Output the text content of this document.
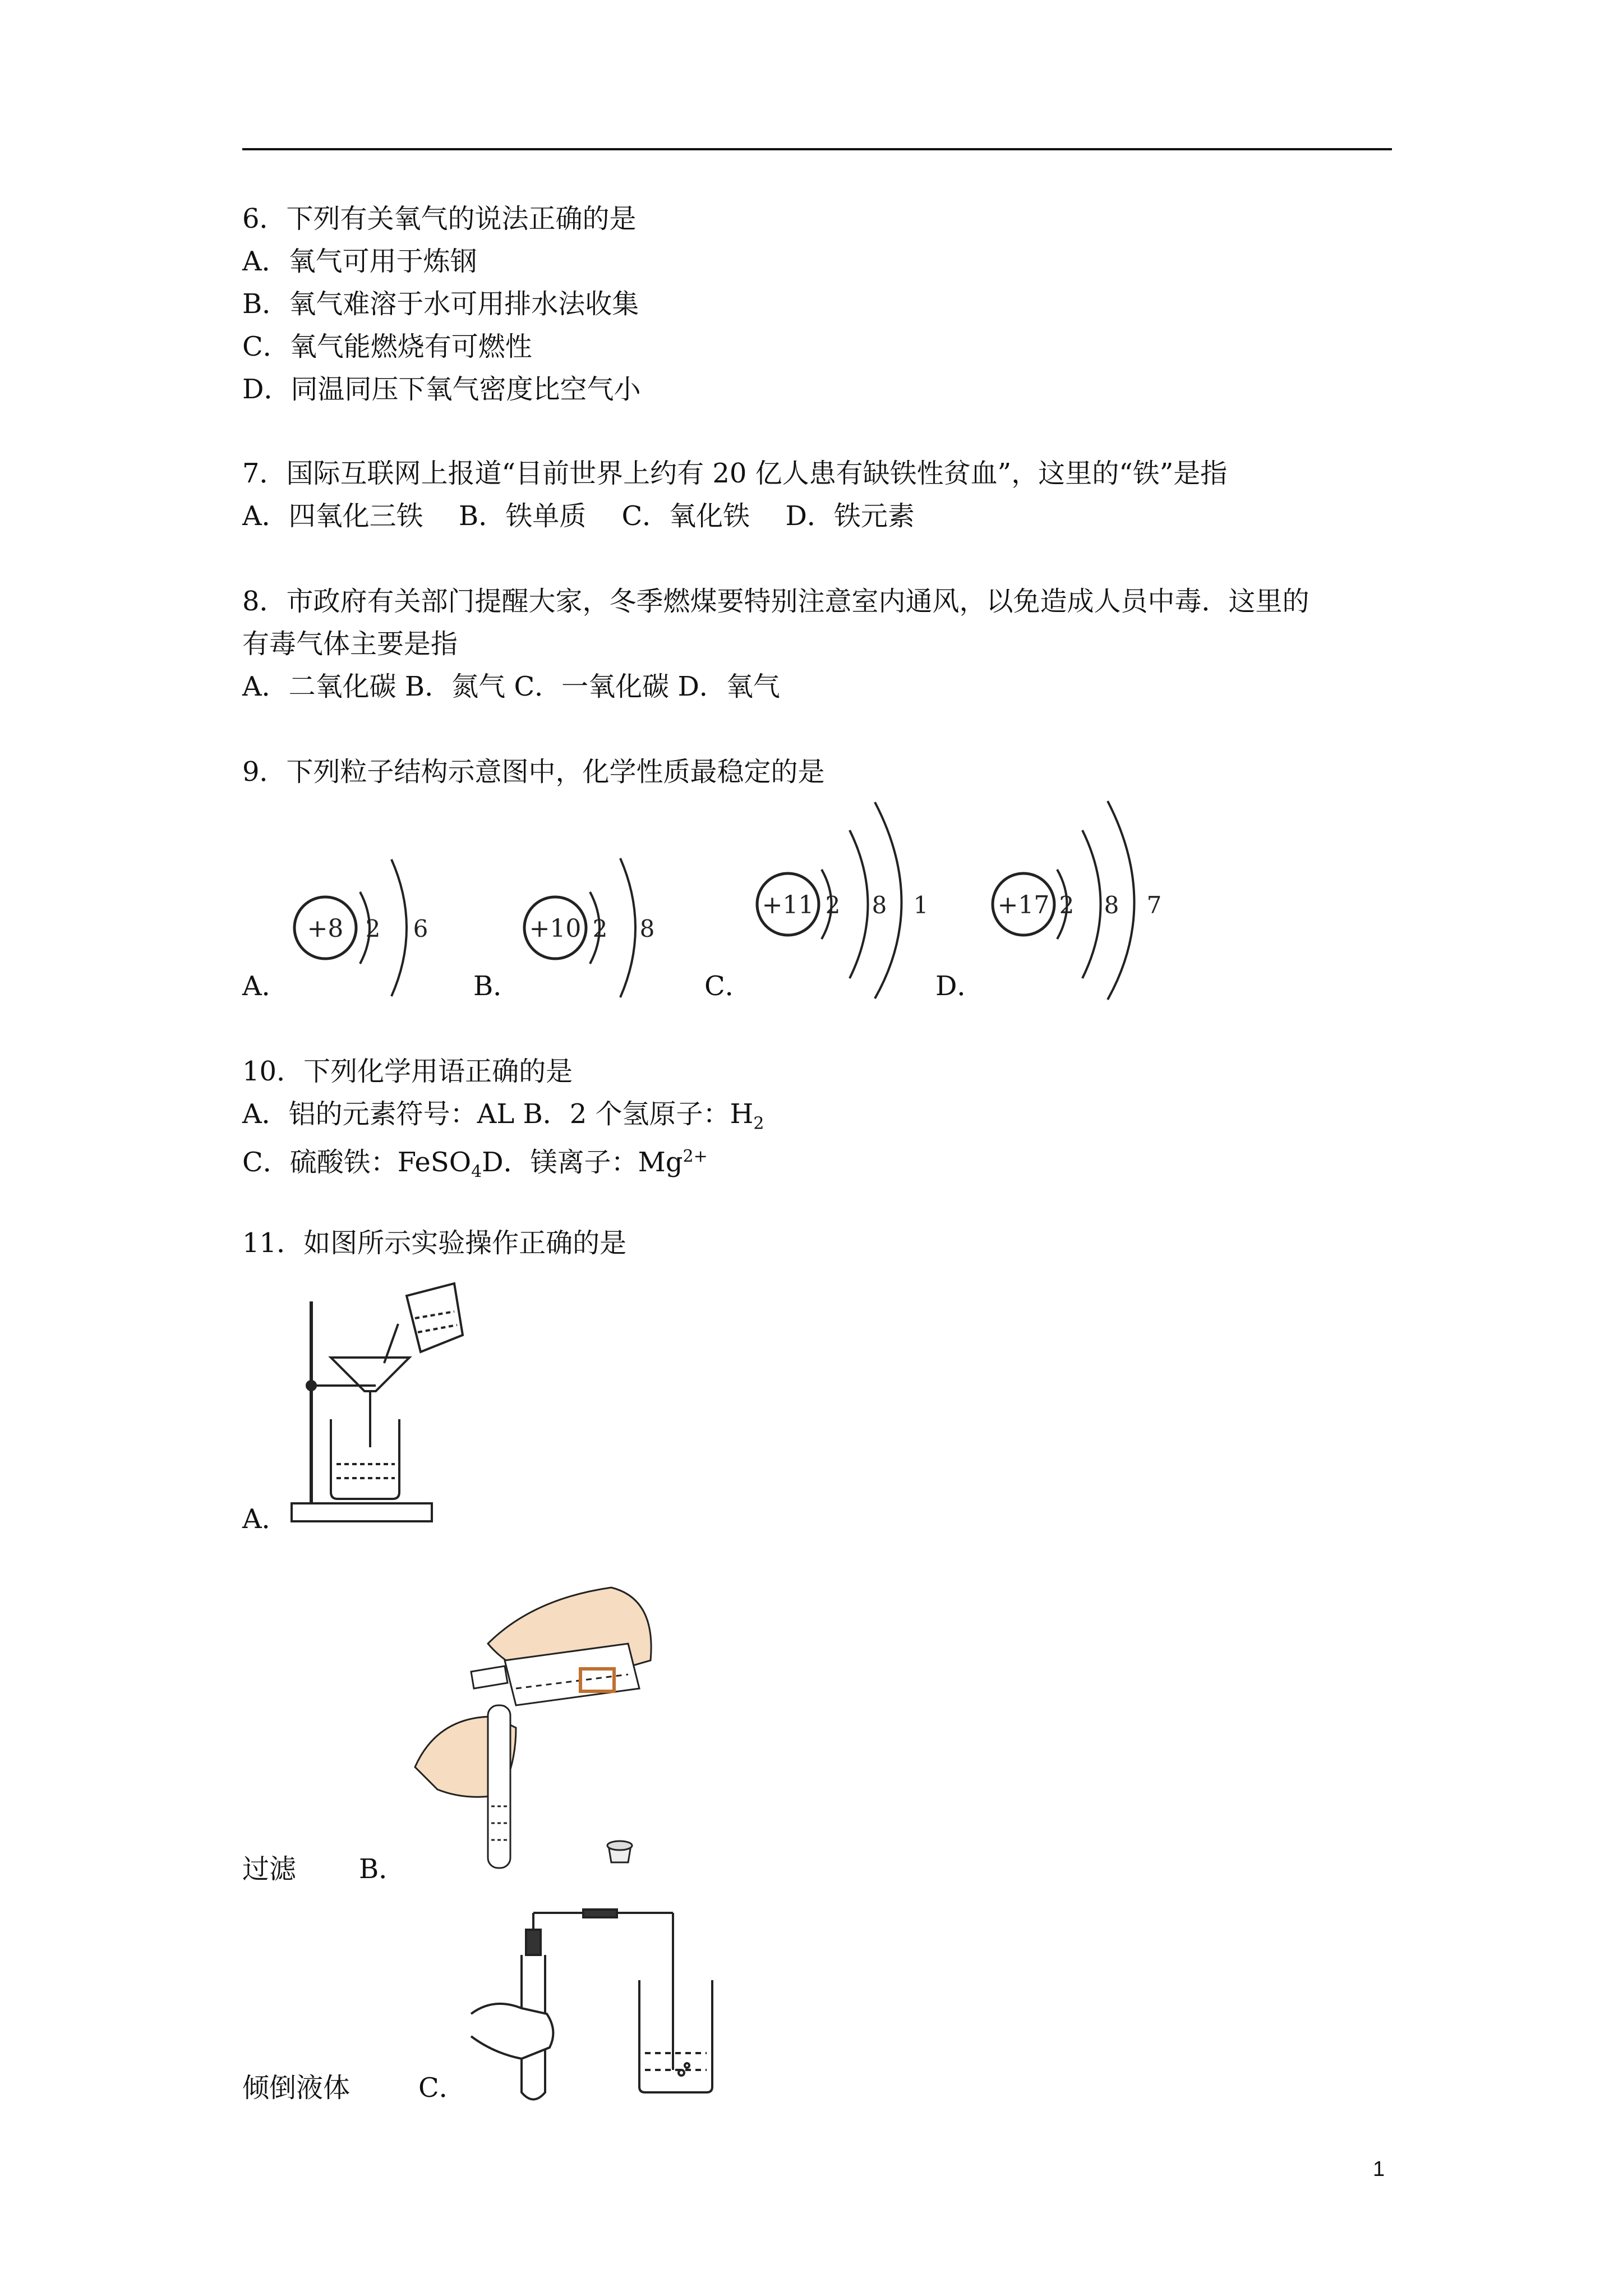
6．下列有关氧气的说法正确的是
A．氧气可用于炼钢
B．氧气难溶于水可用排水法收集
C．氧气能燃烧有可燃性
D．同温同压下氧气密度比空气小
7．国际互联网上报道“目前世界上约有 20 亿人患有缺铁性贫血”，这里的“铁”是指
A．四氧化三铁　 B．铁单质　 C．氧化铁　 D．铁元素
8．市政府有关部门提醒大家，冬季燃煤要特别注意室内通风，以免造成人员中毒．这里的
有毒气体主要是指
A．二氧化碳 B．氮气 C．一氧化碳 D．氧气
9．下列粒子结构示意图中，化学性质最稳定的是
+8 2 6	+10 2 8
+11 2 8 1	+17 2 8 7
A．	B．	C．	D．
10．下列化学用语正确的是
A．铝的元素符号：AL B．2 个氢原子：$H_2$
C．硫酸铁：FeSO$_4$D．镁离子：$Mg^{2+}$
11．如图所示实验操作正确的是
A．
过滤 B．
倾倒液体	C．
1
